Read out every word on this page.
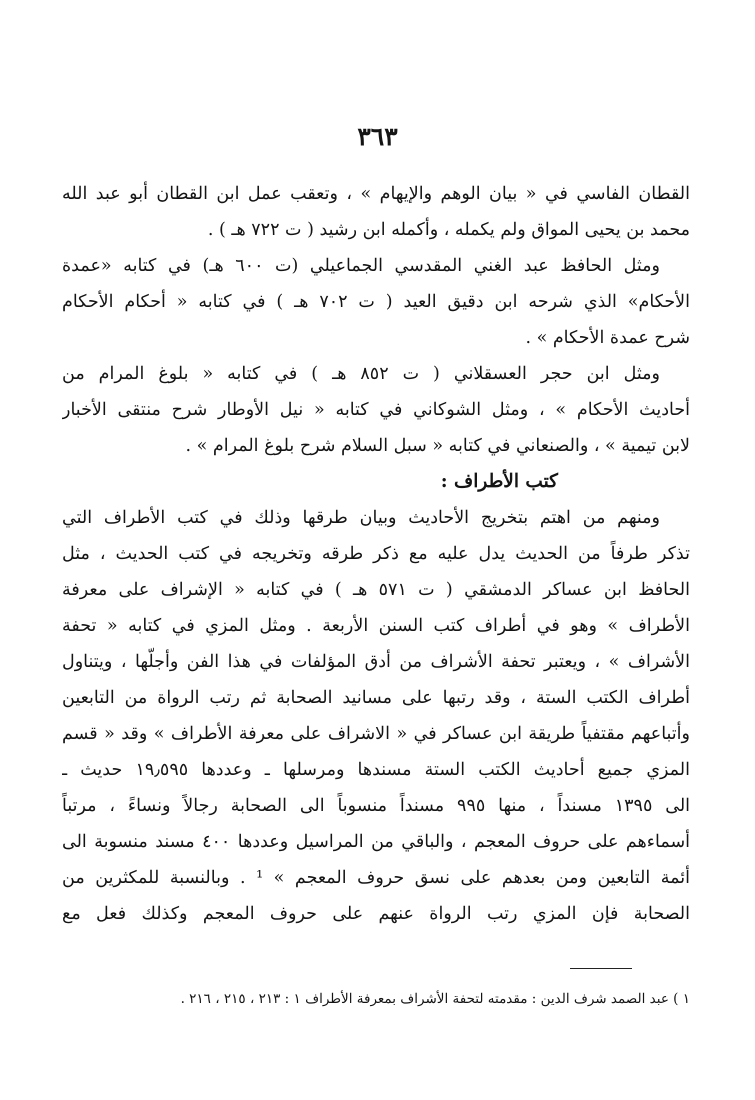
٣٦٣
القطان الفاسي في « بيان الوهم والإيهام » ، وتعقب عمل ابن القطان أبو عبد الله
محمد بن يحيى المواق ولم يكمله ، وأكمله ابن رشيد ( ت ٧٢٢ هـ ) .
ومثل الحافظ عبد الغني المقدسي الجماعيلي (ت ٦٠٠ هـ) في كتابه «عمدة
الأحكام» الذي شرحه ابن دقيق العيد ( ت ٧٠٢ هـ ) في كتابه « أحكام الأحكام
شرح عمدة الأحكام » .
ومثل ابن حجر العسقلاني ( ت ٨٥٢ هـ ) في كتابه « بلوغ المرام من
أحاديث الأحكام » ، ومثل الشوكاني في كتابه « نيل الأوطار شرح منتقى الأخبار
لابن تيمية » ، والصنعاني في كتابه « سبل السلام شرح بلوغ المرام » .
كتب الأطراف :
ومنهم من اهتم بتخريج الأحاديث وبيان طرقها وذلك في كتب الأطراف التي
تذكر طرفاً من الحديث يدل عليه مع ذكر طرقه وتخريجه في كتب الحديث ، مثل
الحافظ ابن عساكر الدمشقي ( ت ٥٧١ هـ ) في كتابه « الإشراف على معرفة
الأطراف » وهو في أطراف كتب السنن الأربعة . ومثل المزي في كتابه « تحفة
الأشراف » ، ويعتبر تحفة الأشراف من أدق المؤلفات في هذا الفن وأجلّها ، ويتناول
أطراف الكتب الستة ، وقد رتبها على مسانيد الصحابة ثم رتب الرواة من التابعين
وأتباعهم مقتفياً طريقة ابن عساكر في « الاشراف على معرفة الأطراف » وقد « قسم
المزي جميع أحاديث الكتب الستة مسندها ومرسلها ـ وعددها ١٩٫٥٩٥ حديث ـ
الى ١٣٩٥ مسنداً ، منها ٩٩٥ مسنداً منسوباً الى الصحابة رجالاً ونساءً ، مرتباً
أسماءهم على حروف المعجم ، والباقي من المراسيل وعددها ٤٠٠ مسند منسوبة الى
أئمة التابعين ومن بعدهم على نسق حروف المعجم » ¹ . وبالنسبة للمكثرين من
الصحابة فإن المزي رتب الرواة عنهم على حروف المعجم وكذلك فعل مع
١ ) عبد الصمد شرف الدين : مقدمته لتحفة الأشراف بمعرفة الأطراف ١ : ٢١٣ ، ٢١٥ ، ٢١٦ .
